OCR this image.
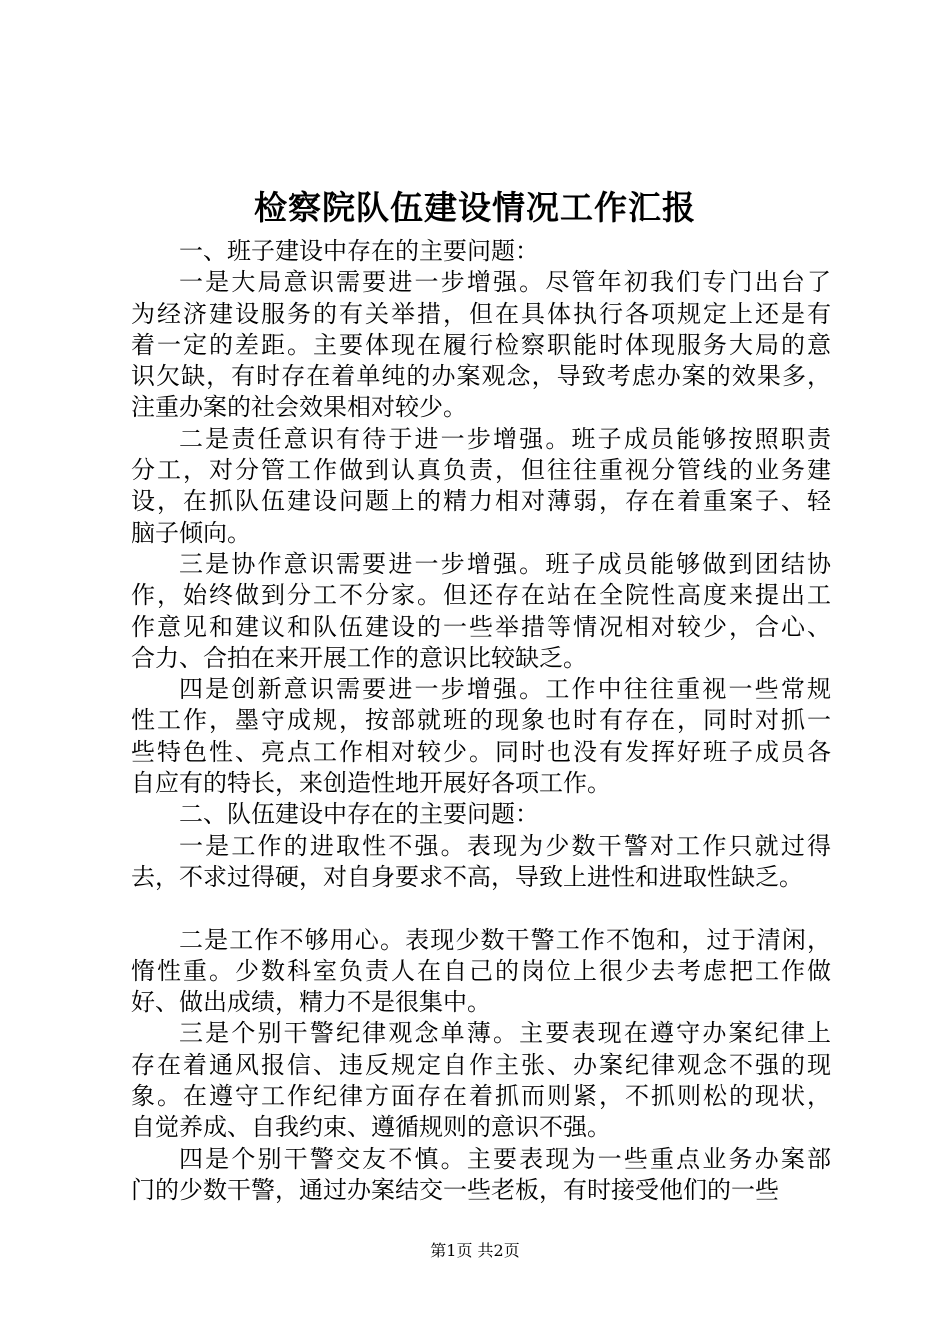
检察院队伍建设情况工作汇报
一、班子建设中存在的主要问题：
一是大局意识需要进一步增强。尽管年初我们专门出台了
为经济建设服务的有关举措，但在具体执行各项规定上还是有
着一定的差距。主要体现在履行检察职能时体现服务大局的意
识欠缺，有时存在着单纯的办案观念，导致考虑办案的效果多，
注重办案的社会效果相对较少。
二是责任意识有待于进一步增强。班子成员能够按照职责
分工，对分管工作做到认真负责，但往往重视分管线的业务建
设，在抓队伍建设问题上的精力相对薄弱，存在着重案子、轻
脑子倾向。
三是协作意识需要进一步增强。班子成员能够做到团结协
作，始终做到分工不分家。但还存在站在全院性高度来提出工
作意见和建议和队伍建设的一些举措等情况相对较少，合心、
合力、合拍在来开展工作的意识比较缺乏。
四是创新意识需要进一步增强。工作中往往重视一些常规
性工作，墨守成规，按部就班的现象也时有存在，同时对抓一
些特色性、亮点工作相对较少。同时也没有发挥好班子成员各
自应有的特长，来创造性地开展好各项工作。
二、队伍建设中存在的主要问题：
一是工作的进取性不强。表现为少数干警对工作只就过得
去，不求过得硬，对自身要求不高，导致上进性和进取性缺乏。
二是工作不够用心。表现少数干警工作不饱和，过于清闲，
惰性重。少数科室负责人在自己的岗位上很少去考虑把工作做
好、做出成绩，精力不是很集中。
三是个别干警纪律观念单薄。主要表现在遵守办案纪律上
存在着通风报信、违反规定自作主张、办案纪律观念不强的现
象。在遵守工作纪律方面存在着抓而则紧，不抓则松的现状，
自觉养成、自我约束、遵循规则的意识不强。
四是个别干警交友不慎。主要表现为一些重点业务办案部
门的少数干警，通过办案结交一些老板，有时接受他们的一些
第1页 共2页
